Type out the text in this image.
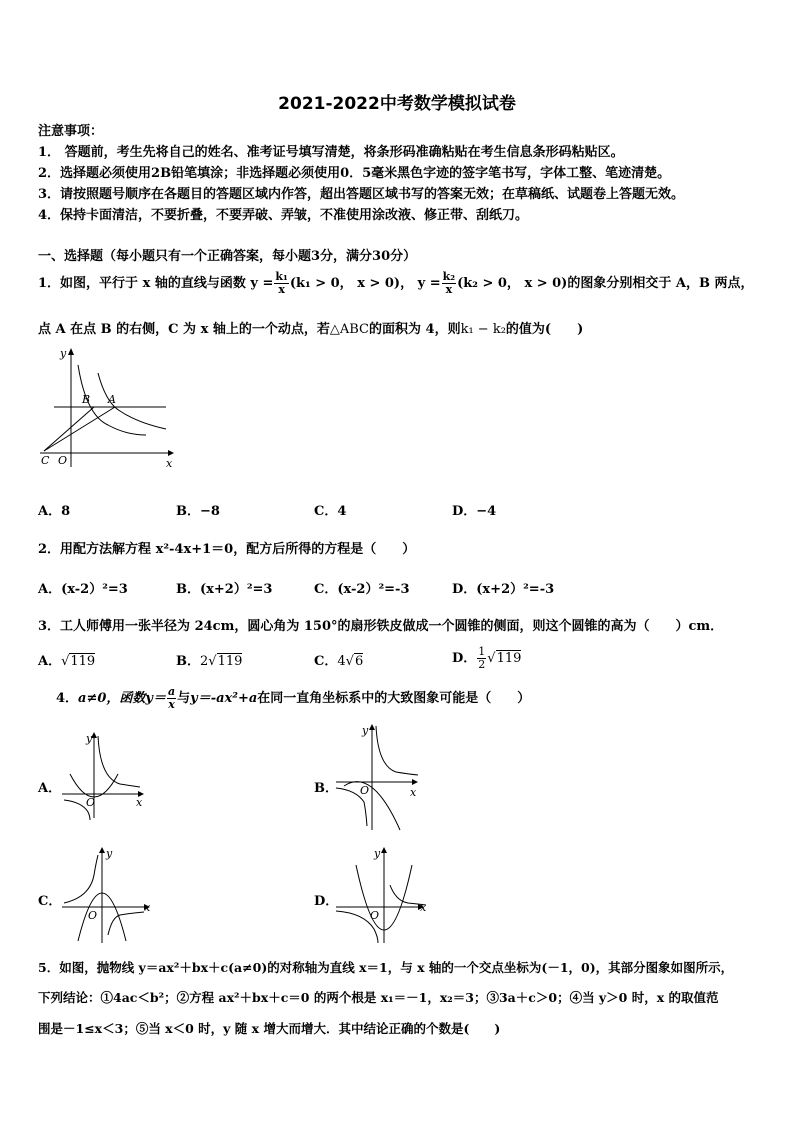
2021-2022中考数学模拟试卷
注意事项：
1． 答题前，考生先将自己的姓名、准考证号填写清楚，将条形码准确粘贴在考生信息条形码粘贴区。
2．选择题必须使用2B铅笔填涂；非选择题必须使用0．5毫米黑色字迹的签字笔书写，字体工整、笔迹清楚。
3．请按照题号顺序在各题目的答题区域内作答，超出答题区域书写的答案无效；在草稿纸、试题卷上答题无效。
4．保持卡面清洁，不要折叠，不要弄破、弄皱，不准使用涂改液、修正带、刮纸刀。
一、选择题（每小题只有一个正确答案，每小题3分，满分30分）
1．如图，平行于 x 轴的直线与函数 $y = \frac{\text{k₁}}{x} (k_1 > 0$， x > 0)， $y = \frac{\text{k₂}}{x} (k_2 > 0$， x > 0)的图象分别相交于 A，B 两点，
点 A 在点 B 的右侧，C 为 x 轴上的一个动点，若△ABC的面积为 4，则k₁ − k₂的值为(　　)
y
x
B A
C O
A．8	B．−8	C．4	D．−4
2．用配方法解方程 x²-4x+1＝0，配方后所得的方程是（　　）
A．(x-2）²=3	B．(x+2）²=3	C．(x-2）²=-3	D．(x+2）²=-3
3．工人师傅用一张半径为 24cm，圆心角为 150°的扇形铁皮做成一个圆锥的侧面，则这个圆锥的高为（　　）cm．
A．√119	B．2√119	C．4√6	D． $\frac{1}{2} √119$
4．a≠0，函数$y= \frac{a}{x}$ 与y＝-ax²+a在同一直角坐标系中的大致图象可能是（　　）
A．
y
x
O
B．
y
x
O
C．
y
x
O
D．
y
x
O
5．如图，抛物线 y＝ax²＋bx＋c(a≠0)的对称轴为直线 x＝1，与 x 轴的一个交点坐标为(－1，0)，其部分图象如图所示，
下列结论：①4ac＜b²；②方程 ax²＋bx＋c＝0 的两个根是 x₁＝－1，x₂＝3；③3a＋c＞0；④当 y＞0 时，x 的取值范
围是－1≤x＜3；⑤当 x＜0 时，y 随 x 增大而增大．其中结论正确的个数是(　　)
